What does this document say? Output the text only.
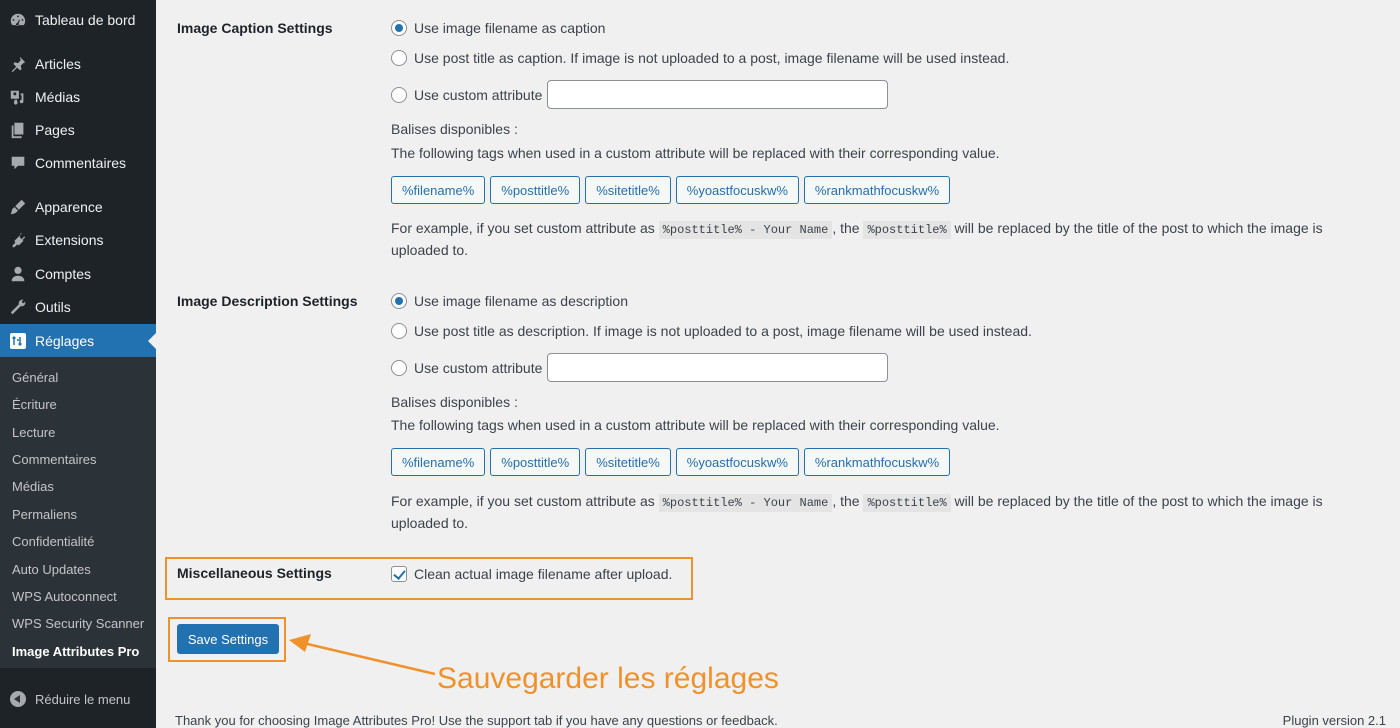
Tableau de bord
Articles
Médias
Pages
Commentaires
Apparence
Extensions
Comptes
Outils
Réglages
Général
Écriture
Lecture
Commentaires
Médias
Permaliens
Confidentialité
Auto Updates
WPS Autoconnect
WPS Security Scanner
Image Attributes Pro
Réduire le menu
Image Caption Settings	Use image filename as caption
Use post title as caption. If image is not uploaded to a post, image filename will be used instead.
Use custom attribute
Balises disponibles :
The following tags when used in a custom attribute will be replaced with their corresponding value.
%filename%	%posttitle%	%sitetitle%	%yoastfocuskw%	%rankmathfocuskw%
For example, if you set custom attribute as %posttitle% - Your Name , the %posttitle% will be replaced by the title of the post to which the image is uploaded to.
Image Description Settings	Use image filename as description
Use post title as description. If image is not uploaded to a post, image filename will be used instead.
Use custom attribute
Balises disponibles :
The following tags when used in a custom attribute will be replaced with their corresponding value.
%filename%	%posttitle%	%sitetitle%	%yoastfocuskw%	%rankmathfocuskw%
For example, if you set custom attribute as %posttitle% - Your Name , the %posttitle% will be replaced by the title of the post to which the image is uploaded to.
Miscellaneous Settings	Clean actual image filename after upload.
Save Settings
Sauvegarder les réglages
Thank you for choosing Image Attributes Pro! Use the support tab if you have any questions or feedback.	Plugin version 2.1
